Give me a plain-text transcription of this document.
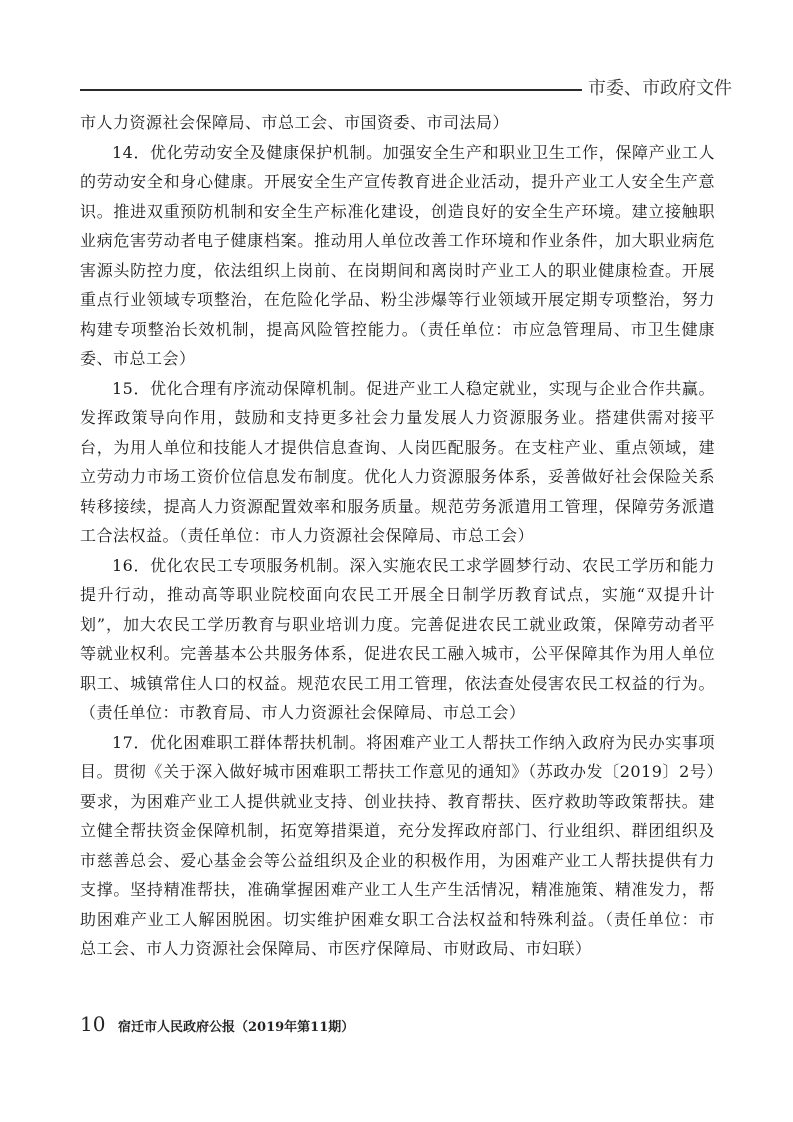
市委、市政府文件

市人力资源社会保障局、市总工会、市国资委、市司法局）

14．优化劳动安全及健康保护机制。加强安全生产和职业卫生工作，保障产业工人的劳动安全和身心健康。开展安全生产宣传教育进企业活动，提升产业工人安全生产意识。推进双重预防机制和安全生产标准化建设，创造良好的安全生产环境。建立接触职业病危害劳动者电子健康档案。推动用人单位改善工作环境和作业条件，加大职业病危害源头防控力度，依法组织上岗前、在岗期间和离岗时产业工人的职业健康检查。开展重点行业领域专项整治，在危险化学品、粉尘涉爆等行业领域开展定期专项整治，努力构建专项整治长效机制，提高风险管控能力。（责任单位：市应急管理局、市卫生健康委、市总工会）

15．优化合理有序流动保障机制。促进产业工人稳定就业，实现与企业合作共赢。发挥政策导向作用，鼓励和支持更多社会力量发展人力资源服务业。搭建供需对接平台，为用人单位和技能人才提供信息查询、人岗匹配服务。在支柱产业、重点领域，建立劳动力市场工资价位信息发布制度。优化人力资源服务体系，妥善做好社会保险关系转移接续，提高人力资源配置效率和服务质量。规范劳务派遣用工管理，保障劳务派遣工合法权益。（责任单位：市人力资源社会保障局、市总工会）

16．优化农民工专项服务机制。深入实施农民工求学圆梦行动、农民工学历和能力提升行动，推动高等职业院校面向农民工开展全日制学历教育试点，实施“双提升计划”，加大农民工学历教育与职业培训力度。完善促进农民工就业政策，保障劳动者平等就业权利。完善基本公共服务体系，促进农民工融入城市，公平保障其作为用人单位职工、城镇常住人口的权益。规范农民工用工管理，依法查处侵害农民工权益的行为。（责任单位：市教育局、市人力资源社会保障局、市总工会）

17．优化困难职工群体帮扶机制。将困难产业工人帮扶工作纳入政府为民办实事项目。贯彻《关于深入做好城市困难职工帮扶工作意见的通知》（苏政办发〔2019〕2号）要求，为困难产业工人提供就业支持、创业扶持、教育帮扶、医疗救助等政策帮扶。建立健全帮扶资金保障机制，拓宽筹措渠道，充分发挥政府部门、行业组织、群团组织及市慈善总会、爱心基金会等公益组织及企业的积极作用，为困难产业工人帮扶提供有力支撑。坚持精准帮扶，准确掌握困难产业工人生产生活情况，精准施策、精准发力，帮助困难产业工人解困脱困。切实维护困难女职工合法权益和特殊利益。（责任单位：市总工会、市人力资源社会保障局、市医疗保障局、市财政局、市妇联）

10 宿迁市人民政府公报（2019年第11期）
